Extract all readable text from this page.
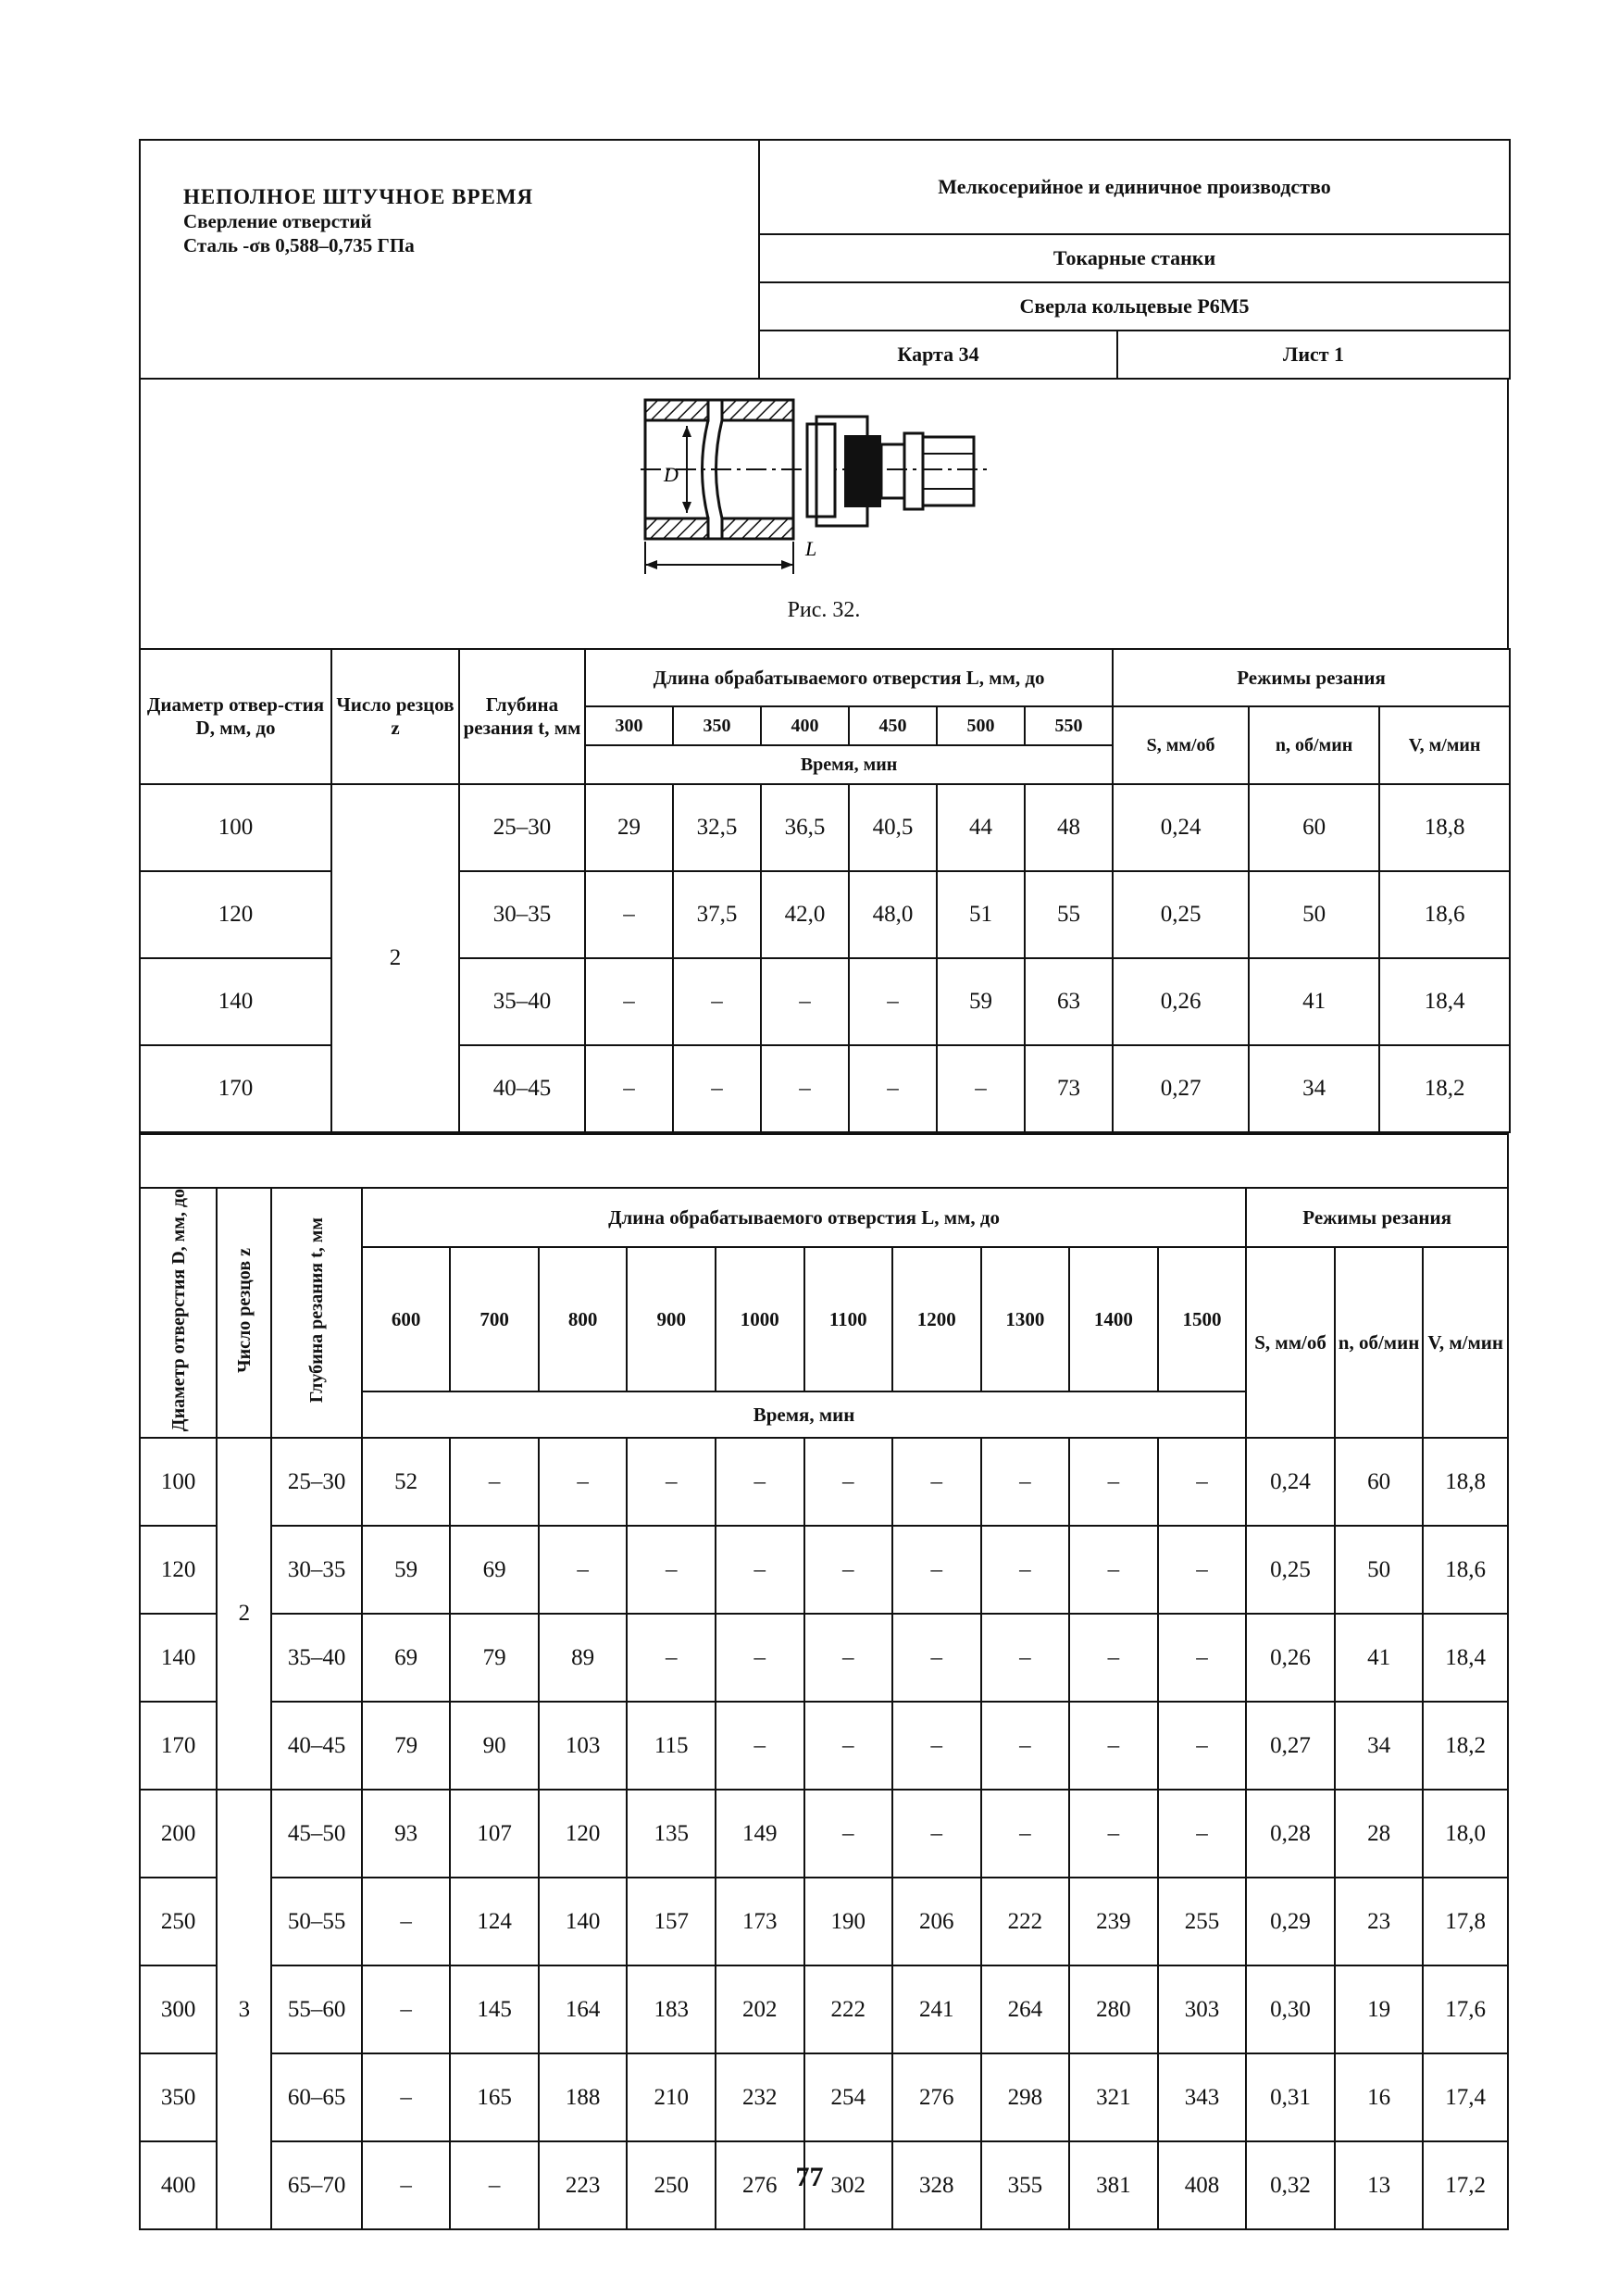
НЕПОЛНОЕ ШТУЧНОЕ ВРЕМЯ
Сверление отверстий
Сталь -σв 0,588–0,735 ГПа	Мелкосерийное и единичное производство	
	Токарные станки	
	Сверла кольцевые Р6М5	
	Карта 34	Лист 1
D
L
Рис. 32.
Диаметр отвер-стия D, мм, до	Число резцов z	Глубина резания t, мм	Длина обрабатываемого отверстия L, мм, до						Режимы резания		
			300	350	400	450	500	550	S, мм/об	n, об/мин	V, м/мин
			Время, мин								
100	2	25–30	29	32,5	36,5	40,5	44	48	0,24	60	18,8
120		30–35	–	37,5	42,0	48,0	51	55	0,25	50	18,6
140		35–40	–	–	–	–	59	63	0,26	41	18,4
170		40–45	–	–	–	–	–	73	0,27	34	18,2
Диаметр отверстия D, мм, до	Число резцов z	Глубина резания t, мм	Длина обрабатываемого отверстия L, мм, до										Режимы резания		
			600	700	800	900	1000	1100	1200	1300	1400	1500	S, мм/об	n, об/мин	V, м/мин
			Время, мин												
100	2	25–30	52	–	–	–	–	–	–	–	–	–	0,24	60	18,8
120		30–35	59	69	–	–	–	–	–	–	–	–	0,25	50	18,6
140		35–40	69	79	89	–	–	–	–	–	–	–	0,26	41	18,4
170		40–45	79	90	103	115	–	–	–	–	–	–	0,27	34	18,2
200	3	45–50	93	107	120	135	149	–	–	–	–	–	0,28	28	18,0
250		50–55	–	124	140	157	173	190	206	222	239	255	0,29	23	17,8
300		55–60	–	145	164	183	202	222	241	264	280	303	0,30	19	17,6
350		60–65	–	165	188	210	232	254	276	298	321	343	0,31	16	17,4
400		65–70	–	–	223	250	276	302	328	355	381	408	0,32	13	17,2
77
